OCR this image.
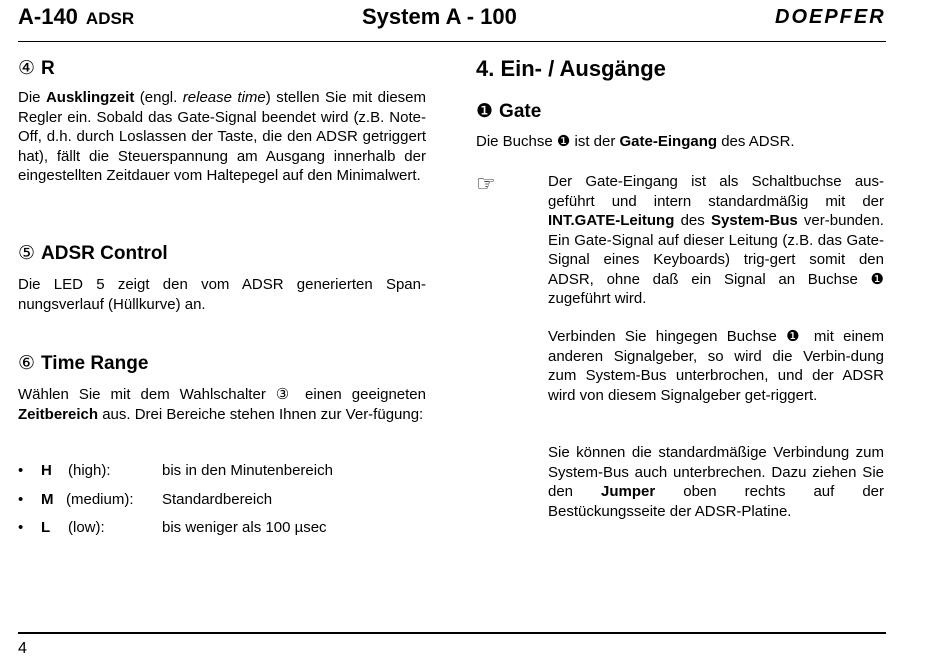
A-140 ADSR	System A - 100	DOEPFER
④ R

Die Ausklingzeit (engl. release time) stellen Sie mit diesem Regler ein. Sobald das Gate-Signal beendet wird (z.B. Note-Off, d.h. durch Loslassen der Taste, die den ADSR getriggert hat), fällt die Steuerspannung am Ausgang innerhalb der eingestellten Zeitdauer vom Haltepegel auf den Minimalwert.

⑤ ADSR Control

Die LED 5 zeigt den vom ADSR generierten Span-nungsverlauf (Hüllkurve) an.

⑥ Time Range

Wählen Sie mit dem Wahlschalter ③ einen geeigneten Zeitbereich aus. Drei Bereiche stehen Ihnen zur Ver-fügung:

• H (high):	bis in den Minutenbereich
• M (medium): Standardbereich
• L (low):	bis weniger als 100 µsec
4. Ein- / Ausgänge
❶ Gate

Die Buchse ❶ ist der Gate-Eingang des ADSR.

☞	Der Gate-Eingang ist als Schaltbuchse aus-geführt und intern standardmäßig mit der INT.GATE-Leitung des System-Bus ver-bunden. Ein Gate-Signal auf dieser Leitung (z.B. das Gate-Signal eines Keyboards) trig-gert somit den ADSR, ohne daß ein Signal an Buchse ❶ zugeführt wird.

Verbinden Sie hingegen Buchse ❶ mit einem anderen Signalgeber, so wird die Verbin-dung zum System-Bus unterbrochen, und der ADSR wird von diesem Signalgeber get-riggert.

Sie können die standardmäßige Verbindung zum System-Bus auch unterbrechen. Dazu ziehen Sie den Jumper oben rechts auf der Bestückungsseite der ADSR-Platine.

4
